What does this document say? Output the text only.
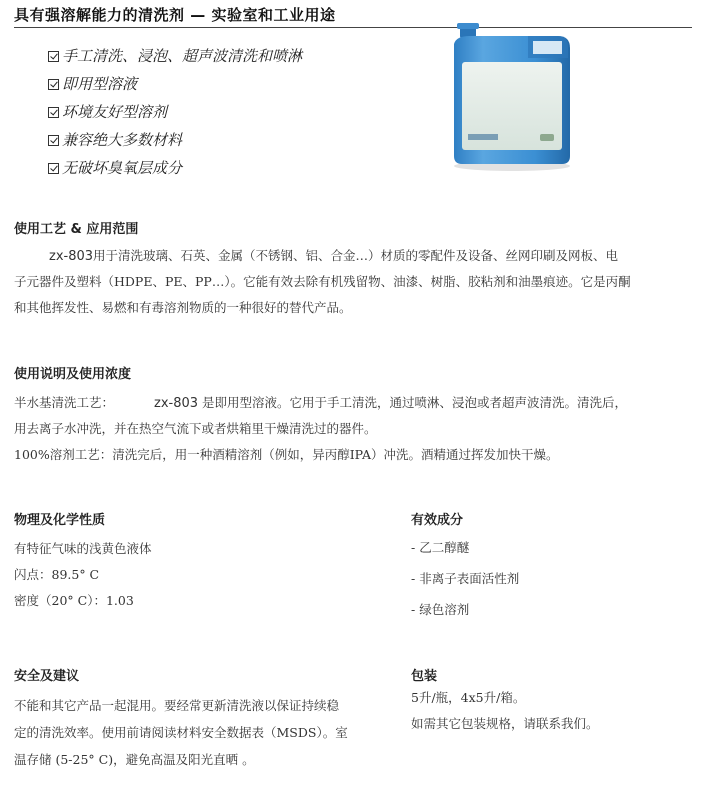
具有强溶解能力的清洗剂 — 实验室和工业用途
手工清洗、浸泡、超声波清洗和喷淋
即用型溶液
环境友好型溶剂
兼容绝大多数材料
无破坏臭氧层成分
使用工艺 & 应用范围
zx-803用于清洗玻璃、石英、金属（不锈钢、铝、合金…）材质的零配件及设备、丝网印刷及网板、电
子元器件及塑料（HDPE、PE、PP…）。它能有效去除有机残留物、油漆、树脂、胶粘剂和油墨痕迹。它是丙酮
和其他挥发性、易燃和有毒溶剂物质的一种很好的替代产品。
使用说明及使用浓度
半水基清洗工艺：	zx-803 是即用型溶液。它用于手工清洗，通过喷淋、浸泡或者超声波清洗。清洗后，
用去离子水冲洗，并在热空气流下或者烘箱里干燥清洗过的器件。
100%溶剂工艺：清洗完后，用一种酒精溶剂（例如，异丙醇IPA）冲洗。酒精通过挥发加快干燥。
物理及化学性质
有特征气味的浅黄色液体
闪点：89.5° C
密度（20° C）：1.03
有效成分
- 乙二醇醚
- 非离子表面活性剂
- 绿色溶剂
安全及建议
不能和其它产品一起混用。要经常更新清洗液以保证持续稳
定的清洗效率。使用前请阅读材料安全数据表（MSDS）。室
温存储 (5-25° C)，避免高温及阳光直晒 。
包装
5升/瓶，4x5升/箱。
如需其它包装规格，请联系我们。
